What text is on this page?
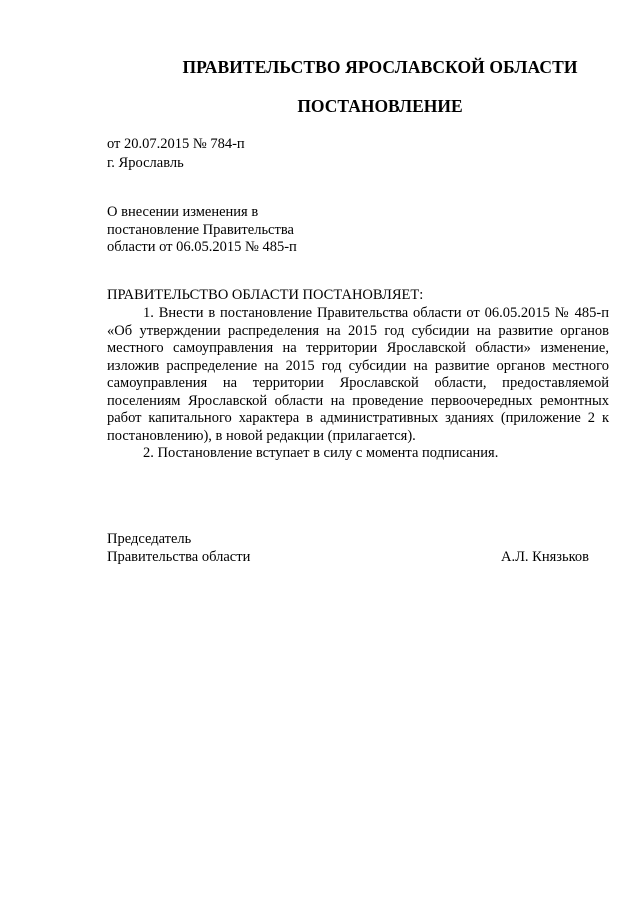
ПРАВИТЕЛЬСТВО ЯРОСЛАВСКОЙ ОБЛАСТИ
ПОСТАНОВЛЕНИЕ
от 20.07.2015 № 784-п
г. Ярославль
О внесении изменения в
постановление Правительства
области от 06.05.2015 № 485-п
ПРАВИТЕЛЬСТВО ОБЛАСТИ ПОСТАНОВЛЯЕТ:

1. Внести в постановление Правительства области от 06.05.2015 № 485-п «Об утверждении распределения на 2015 год субсидии на развитие органов местного самоуправления на территории Ярославской области» изменение, изложив распределение на 2015 год субсидии на развитие органов местного самоуправления на территории Ярославской области, предоставляемой поселениям Ярославской области на проведение первоочередных ремонтных работ капитального характера в административных зданиях (приложение 2 к постановлению), в новой редакции (прилагается).

2. Постановление вступает в силу с момента подписания.

Председатель
Правительства области	А.Л. Князьков
